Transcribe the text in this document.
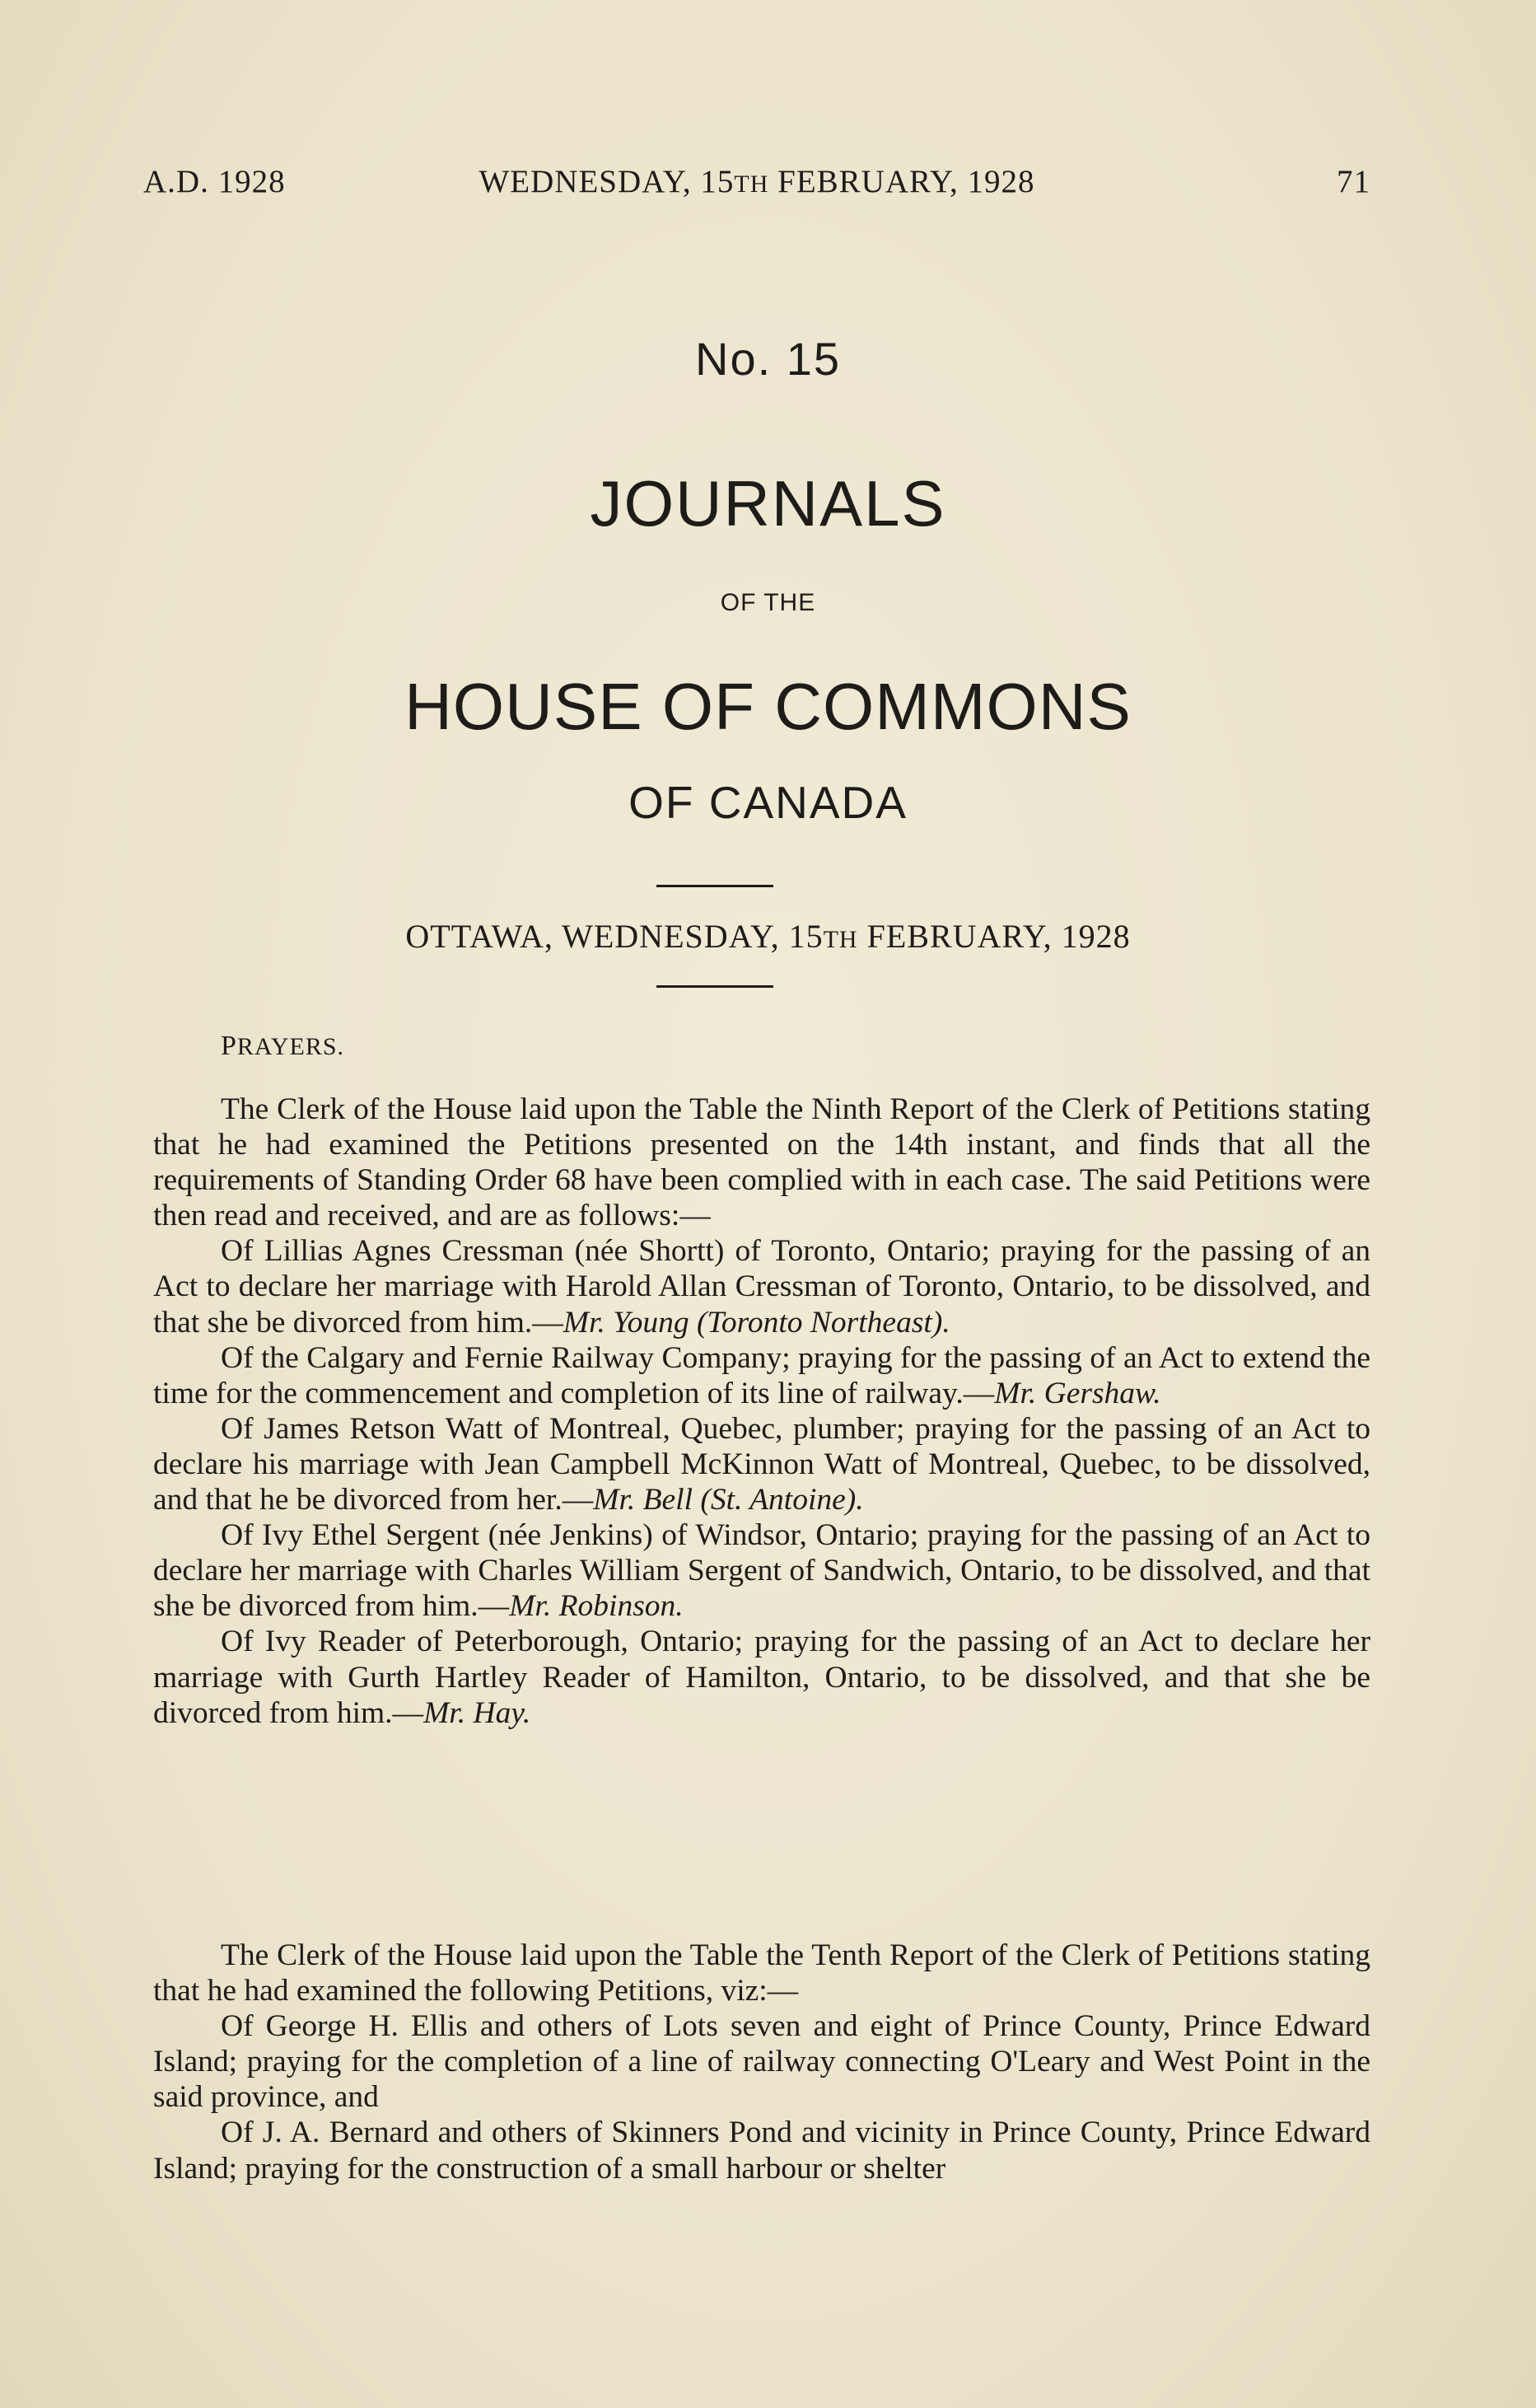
A.D. 1928	WEDNESDAY, 15TH FEBRUARY, 1928	71
No. 15
JOURNALS
OF THE
HOUSE OF COMMONS
OF CANADA
OTTAWA, WEDNESDAY, 15TH FEBRUARY, 1928
PRAYERS.

The Clerk of the House laid upon the Table the Ninth Report of the Clerk of Petitions stating that he had examined the Petitions presented on the 14th instant, and finds that all the requirements of Standing Order 68 have been complied with in each case. The said Petitions were then read and received, and are as follows:—

Of Lillias Agnes Cressman (née Shortt) of Toronto, Ontario; praying for the passing of an Act to declare her marriage with Harold Allan Cressman of Toronto, Ontario, to be dissolved, and that she be divorced from him.—Mr. Young (Toronto Northeast).

Of the Calgary and Fernie Railway Company; praying for the passing of an Act to extend the time for the commencement and completion of its line of railway.—Mr. Gershaw.

Of James Retson Watt of Montreal, Quebec, plumber; praying for the passing of an Act to declare his marriage with Jean Campbell McKinnon Watt of Montreal, Quebec, to be dissolved, and that he be divorced from her.—Mr. Bell (St. Antoine).

Of Ivy Ethel Sergent (née Jenkins) of Windsor, Ontario; praying for the passing of an Act to declare her marriage with Charles William Sergent of Sandwich, Ontario, to be dissolved, and that she be divorced from him.—Mr. Robinson.

Of Ivy Reader of Peterborough, Ontario; praying for the passing of an Act to declare her marriage with Gurth Hartley Reader of Hamilton, Ontario, to be dissolved, and that she be divorced from him.—Mr. Hay.

The Clerk of the House laid upon the Table the Tenth Report of the Clerk of Petitions stating that he had examined the following Petitions, viz:—

Of George H. Ellis and others of Lots seven and eight of Prince County, Prince Edward Island; praying for the completion of a line of railway connecting O'Leary and West Point in the said province, and

Of J. A. Bernard and others of Skinners Pond and vicinity in Prince County, Prince Edward Island; praying for the construction of a small harbour or shelter
